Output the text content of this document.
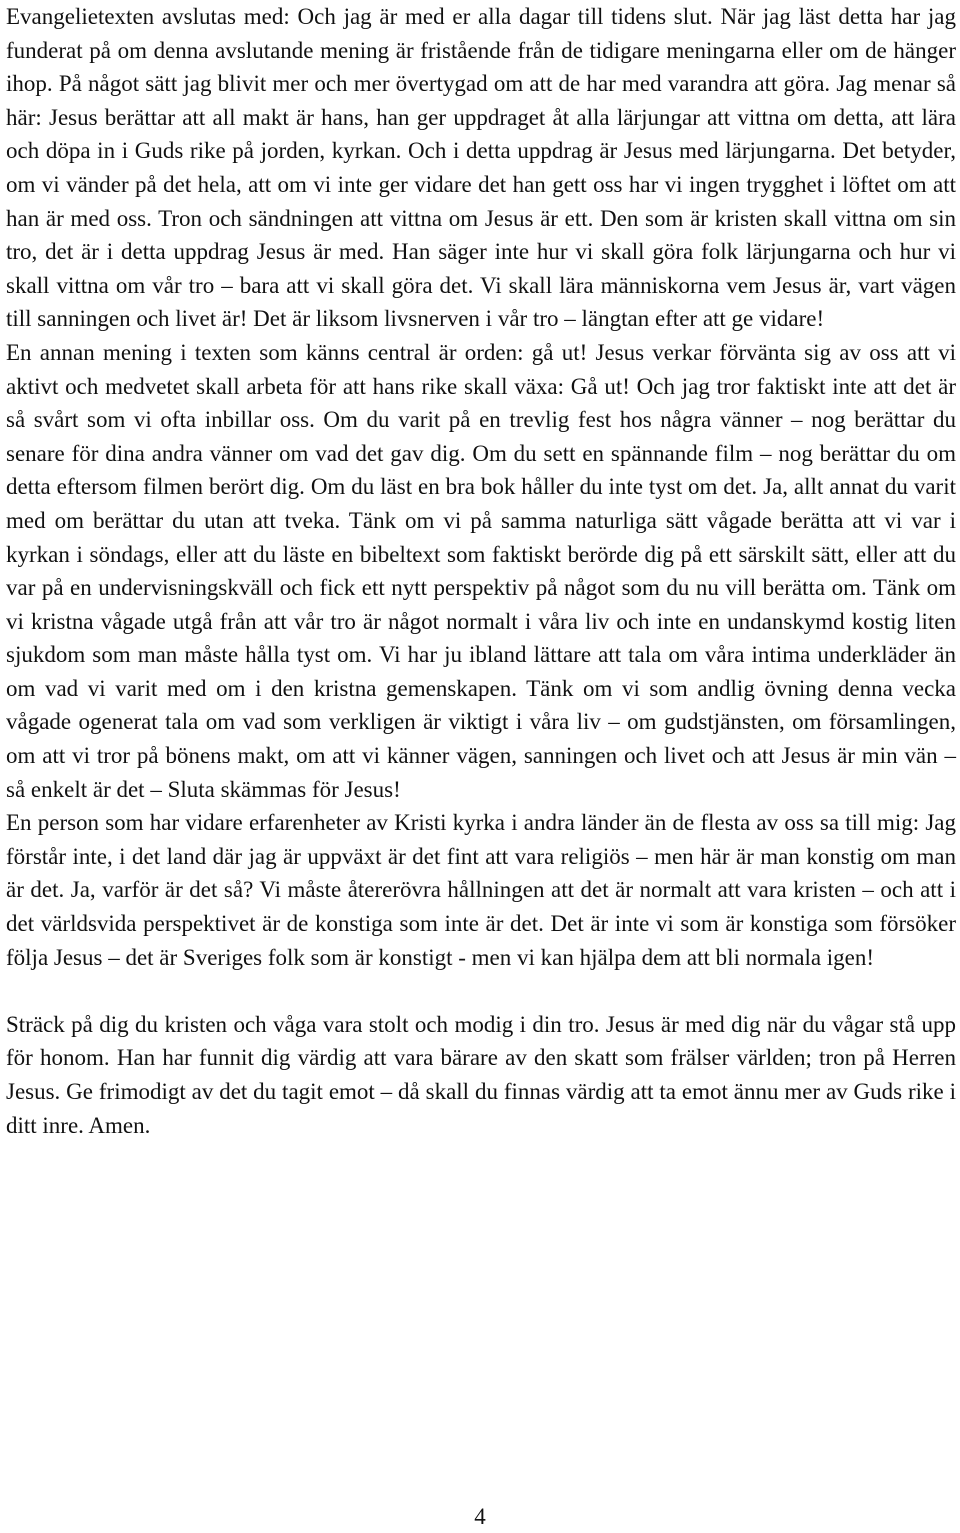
Evangelietexten avslutas med: Och jag är med er alla dagar till tidens slut. När jag läst detta har jag funderat på om denna avslutande mening är fristående från de tidigare meningarna eller om de hänger ihop. På något sätt jag blivit mer och mer övertygad om att de har med varandra att göra. Jag menar så här: Jesus berättar att all makt är hans, han ger uppdraget åt alla lärjungar att vittna om detta, att lära och döpa in i Guds rike på jorden, kyrkan. Och i detta uppdrag är Jesus med lärjungarna. Det betyder, om vi vänder på det hela, att om vi inte ger vidare det han gett oss har vi ingen trygghet i löftet om att han är med oss. Tron och sändningen att vittna om Jesus är ett. Den som är kristen skall vittna om sin tro, det är i detta uppdrag Jesus är med. Han säger inte hur vi skall göra folk lärjungarna och hur vi skall vittna om vår tro – bara att vi skall göra det. Vi skall lära människorna vem Jesus är, vart vägen till sanningen och livet är! Det är liksom livsnerven i vår tro – längtan efter att ge vidare!

En annan mening i texten som känns central är orden: gå ut! Jesus verkar förvänta sig av oss att vi aktivt och medvetet skall arbeta för att hans rike skall växa: Gå ut! Och jag tror faktiskt inte att det är så svårt som vi ofta inbillar oss. Om du varit på en trevlig fest hos några vänner – nog berättar du senare för dina andra vänner om vad det gav dig. Om du sett en spännande film – nog berättar du om detta eftersom filmen berört dig. Om du läst en bra bok håller du inte tyst om det. Ja, allt annat du varit med om berättar du utan att tveka. Tänk om vi på samma naturliga sätt vågade berätta att vi var i kyrkan i söndags, eller att du läste en bibeltext som faktiskt berörde dig på ett särskilt sätt, eller att du var på en undervisningskväll och fick ett nytt perspektiv på något som du nu vill berätta om. Tänk om vi kristna vågade utgå från att vår tro är något normalt i våra liv och inte en undanskymd kostig liten sjukdom som man måste hålla tyst om. Vi har ju ibland lättare att tala om våra intima underkläder än om vad vi varit med om i den kristna gemenskapen. Tänk om vi som andlig övning denna vecka vågade ogenerat tala om vad som verkligen är viktigt i våra liv – om gudstjänsten, om församlingen, om att vi tror på bönens makt, om att vi känner vägen, sanningen och livet och att Jesus är min vän – så enkelt är det – Sluta skämmas för Jesus!

En person som har vidare erfarenheter av Kristi kyrka i andra länder än de flesta av oss sa till mig: Jag förstår inte, i det land där jag är uppväxt är det fint att vara religiös – men här är man konstig om man är det. Ja, varför är det så? Vi måste återerövra hållningen att det är normalt att vara kristen – och att i det världsvida perspektivet är de konstiga som inte är det. Det är inte vi som är konstiga som försöker följa Jesus – det är Sveriges folk som är konstigt - men vi kan hjälpa dem att bli normala igen!

Sträck på dig du kristen och våga vara stolt och modig i din tro. Jesus är med dig när du vågar stå upp för honom. Han har funnit dig värdig att vara bärare av den skatt som frälser världen; tron på Herren Jesus. Ge frimodigt av det du tagit emot – då skall du finnas värdig att ta emot ännu mer av Guds rike i ditt inre. Amen.

4
